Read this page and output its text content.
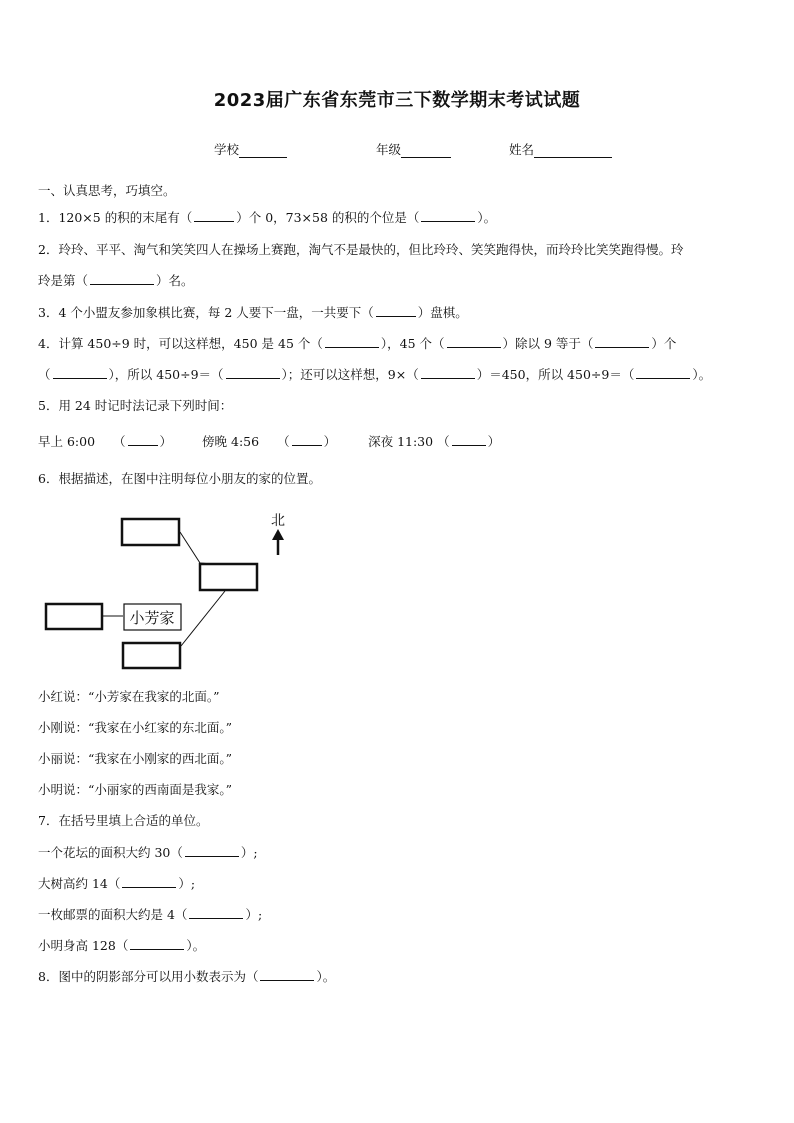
2023届广东省东莞市三下数学期末考试试题
学校	年级	姓名
一、认真思考，巧填空。
1．120×5 的积的末尾有（	）个 0，73×58 的积的个位是（	）。
2．玲玲、平平、淘气和笑笑四人在操场上赛跑，淘气不是最快的，但比玲玲、笑笑跑得快，而玲玲比笑笑跑得慢。玲
玲是第（	）名。
3．4 个小盟友参加象棋比赛，每 2 人要下一盘，一共要下（	）盘棋。
4．计算 450÷9 时，可以这样想，450 是 45 个（	），45 个（	）除以 9 等于（	）个
（	），所以 450÷9＝（	）；还可以这样想，9×（	）＝450，所以 450÷9＝（	）。
5．用 24 时记时法记录下列时间：
早上 6:00 （	） 傍晚 4:56 （	）	深夜 11:30 （	）
6．根据描述，在图中注明每位小朋友的家的位置。
小芳家
北
小红说：“小芳家在我家的北面。”
小刚说：“我家在小红家的东北面。”
小丽说：“我家在小刚家的西北面。”
小明说：“小丽家的西南面是我家。”
7．在括号里填上合适的单位。
一个花坛的面积大约 30（	）;
大树高约 14（	）;
一枚邮票的面积大约是 4（	）;
小明身高 128（	）。
8．图中的阴影部分可以用小数表示为（	）。
